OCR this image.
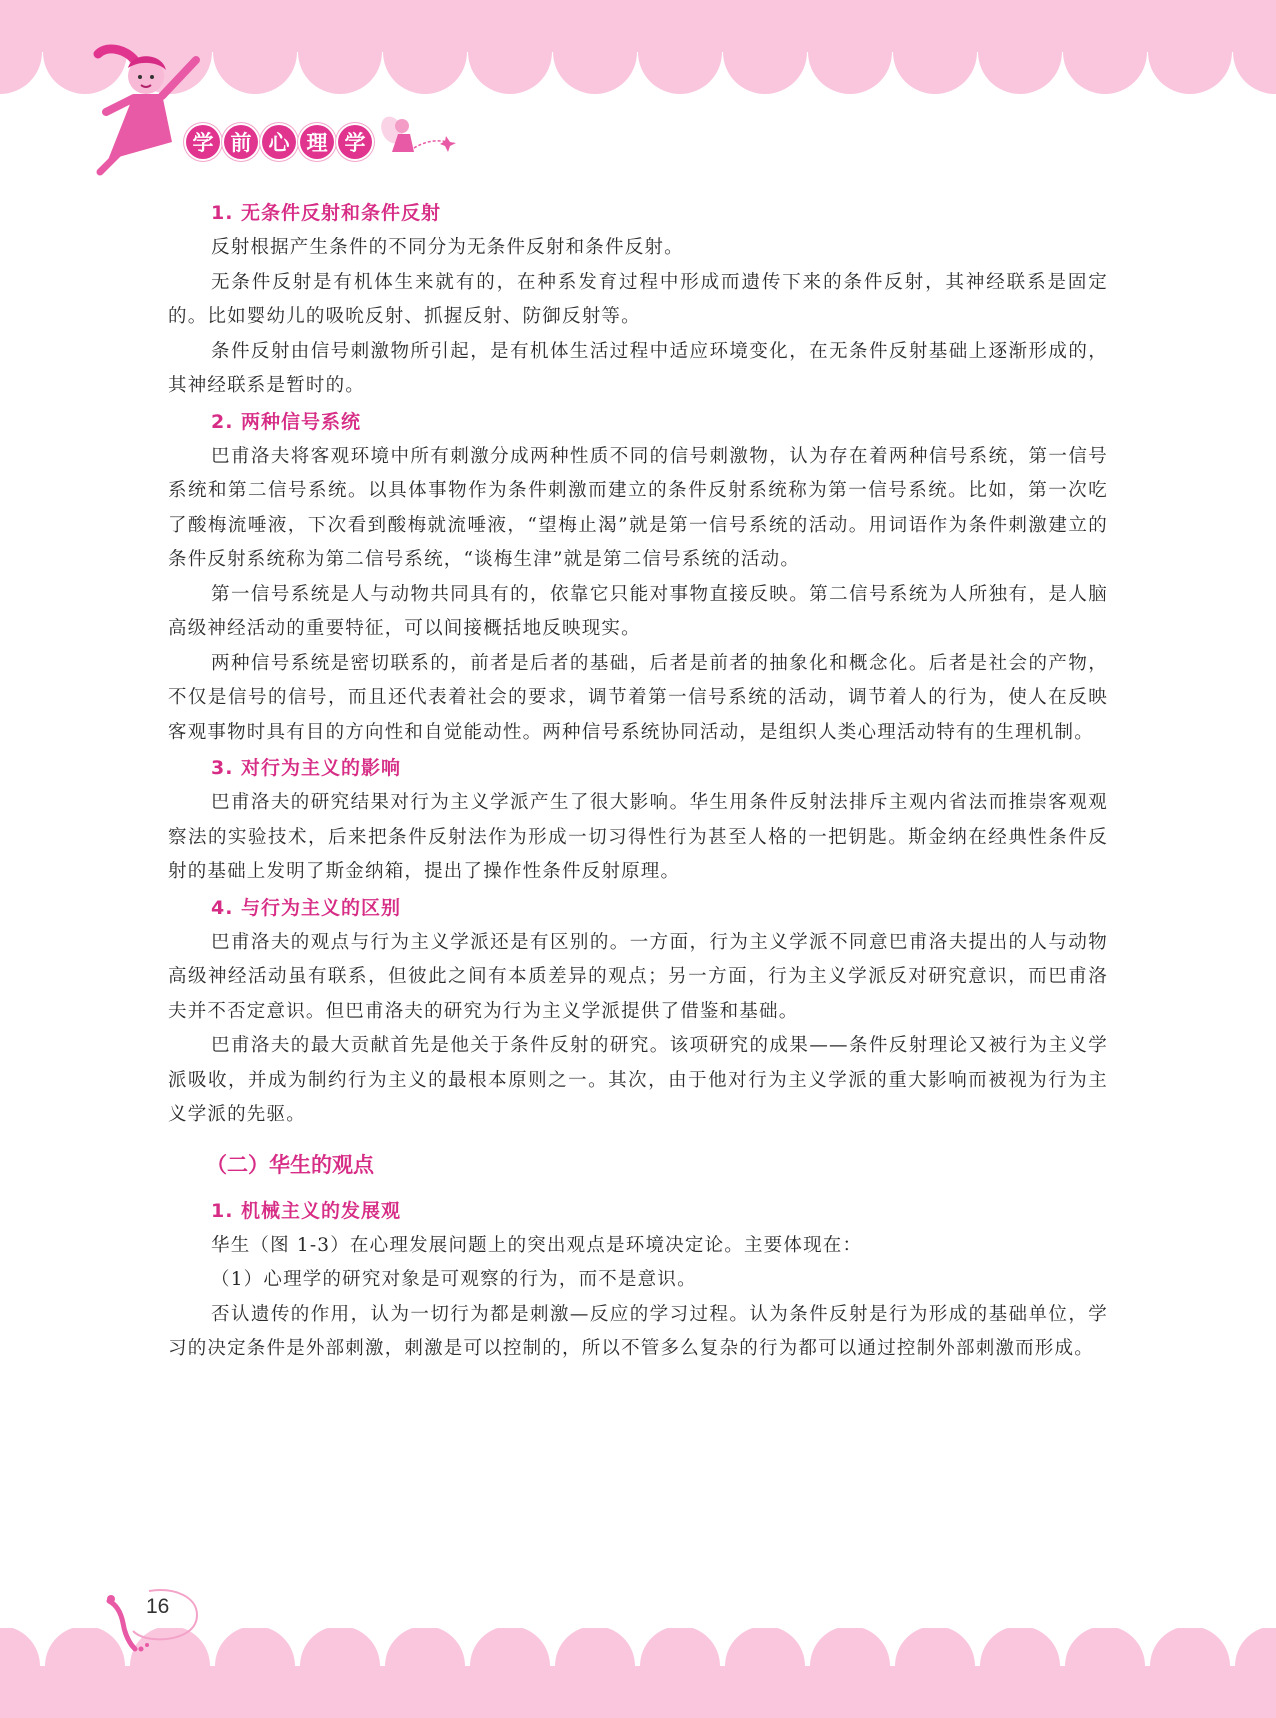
学 前 心 理 学
1. 无条件反射和条件反射

反射根据产生条件的不同分为无条件反射和条件反射。

无条件反射是有机体生来就有的，在种系发育过程中形成而遗传下来的条件反射，其神经联系是固定的。比如婴幼儿的吸吮反射、抓握反射、防御反射等。

条件反射由信号刺激物所引起，是有机体生活过程中适应环境变化，在无条件反射基础上逐渐形成的，其神经联系是暂时的。

2. 两种信号系统

巴甫洛夫将客观环境中所有刺激分成两种性质不同的信号刺激物，认为存在着两种信号系统，第一信号系统和第二信号系统。以具体事物作为条件刺激而建立的条件反射系统称为第一信号系统。比如，第一次吃了酸梅流唾液，下次看到酸梅就流唾液，“望梅止渴”就是第一信号系统的活动。用词语作为条件刺激建立的条件反射系统称为第二信号系统，“谈梅生津”就是第二信号系统的活动。

第一信号系统是人与动物共同具有的，依靠它只能对事物直接反映。第二信号系统为人所独有，是人脑高级神经活动的重要特征，可以间接概括地反映现实。

两种信号系统是密切联系的，前者是后者的基础，后者是前者的抽象化和概念化。后者是社会的产物，不仅是信号的信号，而且还代表着社会的要求，调节着第一信号系统的活动，调节着人的行为，使人在反映客观事物时具有目的方向性和自觉能动性。两种信号系统协同活动，是组织人类心理活动特有的生理机制。

3. 对行为主义的影响

巴甫洛夫的研究结果对行为主义学派产生了很大影响。华生用条件反射法排斥主观内省法而推崇客观观察法的实验技术，后来把条件反射法作为形成一切习得性行为甚至人格的一把钥匙。斯金纳在经典性条件反射的基础上发明了斯金纳箱，提出了操作性条件反射原理。

4. 与行为主义的区别

巴甫洛夫的观点与行为主义学派还是有区别的。一方面，行为主义学派不同意巴甫洛夫提出的人与动物高级神经活动虽有联系，但彼此之间有本质差异的观点；另一方面，行为主义学派反对研究意识，而巴甫洛夫并不否定意识。但巴甫洛夫的研究为行为主义学派提供了借鉴和基础。

巴甫洛夫的最大贡献首先是他关于条件反射的研究。该项研究的成果——条件反射理论又被行为主义学派吸收，并成为制约行为主义的最根本原则之一。其次，由于他对行为主义学派的重大影响而被视为行为主义学派的先驱。

（二）华生的观点
1. 机械主义的发展观

华生（图 1-3）在心理发展问题上的突出观点是环境决定论。主要体现在：

（1）心理学的研究对象是可观察的行为，而不是意识。

否认遗传的作用，认为一切行为都是刺激—反应的学习过程。认为条件反射是行为形成的基础单位，学习的决定条件是外部刺激，刺激是可以控制的，所以不管多么复杂的行为都可以通过控制外部刺激而形成。

16
